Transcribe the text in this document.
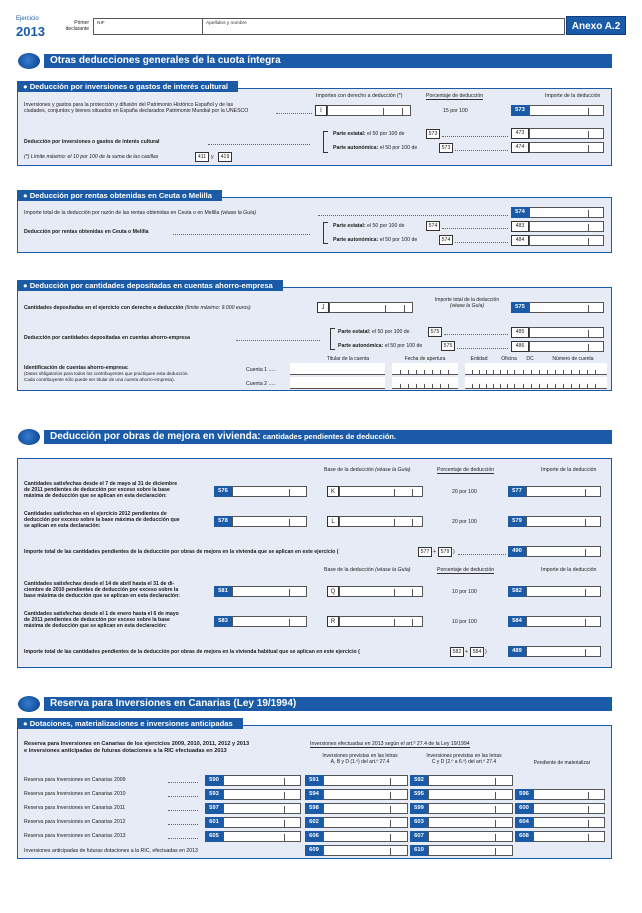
Ejercicio
2013
Primer declarante
NIF	Apellidos y nombre	Anexo A.2
Otras deducciones generales de la cuota íntegra
● Deducción por inversiones o gastos de interés cultural
Importes con derecho a deducción (*)	Porcentaje de deducción	Importe de la deducción
Inversiones y gastos para la protección y difusión del Patrimonio Histórico Español y de las
ciudades, conjuntos y bienes situados en España declarados Patrimonio Mundial por la UNESCO	I	15 por 100	573
Deducción por inversiones o gastos de interés cultural
Parte estatal: el 50 por 100 de	573	473
Parte autonómica: el 50 por 100 de	573	474
(*) Límite máximo: el 10 por 100 de la suma de las casillas	411 y	419
● Deducción por rentas obtenidas en Ceuta o Melilla
Importe total de la deducción por razón de las rentas obtenidas en Ceuta o en Melilla (véase la Guía)	574
Deducción por rentas obtenidas en Ceuta o Melilla
Parte estatal: el 50 por 100 de	574	483
Parte autonómica: el 50 por 100 de	574	484
● Deducción por cantidades depositadas en cuentas ahorro-empresa
Cantidades depositadas en el ejercicio con derecho a deducción (límite máximo: 9.000 euros)	J
Importe total de la deducción
(véase la Guía)	575
Deducción por cantidades depositadas en cuentas ahorro-empresa
Parte estatal: el 50 por 100 de	575	485
Parte autonómica: el 50 por 100 de	575	486
Titular de la cuenta	Fecha de apertura	Entidad	Oficina	DC	Número de cuenta
Identificación de cuentas ahorro-empresa:
(Datos obligatorios para todos los contribuyentes que practiquen esta deducción.
Cada contribuyente sólo puede ser titular de una cuenta ahorro-empresa).
Cuenta 1 .....
Cuenta 2 .....
Deducción por obras de mejora en vivienda: cantidades pendientes de deducción.
Base de la deducción (véase la Guía)	Porcentaje de deducción	Importe de la deducción
Cantidades satisfechas desde el 7 de mayo al 31 de diciembre
de 2011 pendientes de deducción por exceso sobre la base
máxima de deducción que se aplican en esta declaración:
576	K	20 por 100	577
Cantidades satisfechas en el ejercicio 2012 pendientes de
deducción por exceso sobre la base máxima de deducción que
se aplican en esta declaración:
578	L	20 por 100	579
Cantidades satisfechas desde el 14 de abril hasta el 31 de di-
ciembre de 2010 pendientes de deducción por exceso sobre la
base máxima de deducción que se aplican en esta declaración:
581	Q	10 por 100	582
Cantidades satisfechas desde el 1 de enero hasta el 6 de mayo
de 2011 pendientes de deducción por exceso sobre la base
máxima de deducción que se aplican en esta declaración:
583	R	10 por 100	584
Importe total de las cantidades pendientes de la deducción por obras de mejora en la vivienda que se aplican en este ejercicio (	577 + 579 )	490
Base de la deducción (véase la Guía)	Porcentaje de deducción	Importe de la deducción
Importe total de las cantidades pendientes de la deducción por obras de mejora en la vivienda habitual que se aplican en este ejercicio (	582 + 584 )	489
Reserva para Inversiones en Canarias (Ley 19/1994)
● Dotaciones, materializaciones e inversiones anticipadas
Reserva para Inversiones en Canarias de los ejercicios 2009, 2010, 2011, 2012 y 2013
e inversiones anticipadas de futuras dotaciones a la RIC efectuadas en 2013
Inversiones efectuadas en 2013 según el art.º 27.4 de la Ley 19/1994
Inversiones previstas en las letras
A, B y D (1.º) del art.º 27.4
Inversiones previstas en las letras
C y D (2.º a 6.º) del art.º 27.4	Pendiente de materializar
Reserva para Inversiones en Canarias 2009	590	591	592
Reserva para Inversiones en Canarias 2010	593	594	595	596
Reserva para Inversiones en Canarias 2011	597	598	599	600
Reserva para Inversiones en Canarias 2012	601	602	603	604
Reserva para Inversiones en Canarias 2013	605	606	607	608
Inversiones anticipadas de futuras dotaciones a la RIC, efectuadas en 2013	609	610
